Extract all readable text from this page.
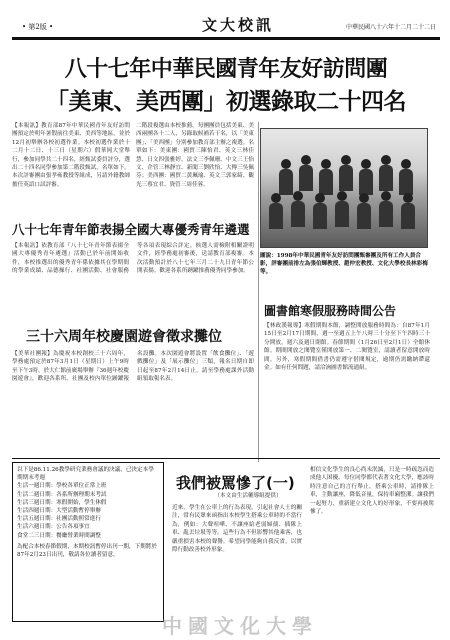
• 第2版 •	文大校訊	中華民國八十六年十二月二十二日
八十七年中華民國青年友好訪問團
「美東、美西團」初選錄取二十四名
【本報訊】教育部87年中華民國青年友好訪問團預定於明年暑假前往美東、美西等地區，並於12月初舉辦各校初選作業。本校初選作業於十二月十二日、十三日（星期六）假華岡大堂舉行，參加同學共二十四名，經甄試委員評分，選出二十四名同學參加第二階段甄試，名單如下。本次評審團由張孝雍教授等組成，另請外籍教師擔任英語口試評審。
二階段複選由本校推薦。每團團員包括美東、美西兩團各十二人，另錄取候補若干名，以「美東團」、「美西團」分別參加教育部主辦之複選。名單如下：美東團：國貿三陳怡君、英文三林佳慧、日文四張雅婷、法文三李佩珊、中文三王怡文、企管三林靜宜、新聞三劉欣怡、大傳三吳佩芬；美西團：國貿二黃珮瑜、英文三郭家綺、觀光三蔡宜君、資管三周佳蓉。
圖說：1998年中華民國青年友好訪問團甄審團及所有工作人員合影，評審團前排左為張伯輝教授、趙仲宏教授、文化大學校長林彩梅等。
八十七年青年節表揚全國大專優秀青年遴選
【本報訊】依教育部『八十七年青年節表揚全國大專優秀青年遴選』活動已於年前開始收件，本校推選出的優秀青年係依據其在學期間的學業成績、品德操行、社團活動、社會服務等各項表現綜合評定。候選人需檢附相關證明文件，經學務處初審後，送請教育部複審。本次活動預計於八十七年三月二十九日青年節公開表揚。歡迎各系所踴躍推薦優秀同學參加。
三十六周年校慶園遊會徵求攤位
【美華社團報】為慶祝本校創校三十六周年，學務處預定於87年3月1日（星期日）上午9時至下午3時，於大仁館前廣場舉辦『36週年校慶園遊會』，歡迎各系所、社團及校內單位踴躍報名設攤。本次園遊會將設置「飲食攤位」、「遊戲攤位」及「展示攤位」三類，報名日期自即日起至87年2月14日止，請至學務處課外活動組領取報名表。
圖書館寒假服務時間公告
【林政漢報導】寒假期間本館，調整開放服務時間為：自87年1月15日至2月17日期間，週一至週五上午八時三十分至下午四時三十分開放，週六及週日閉館。春節期間（1月26日至2月1日）全館休館。期間開放之閱覽室僅開放第一、二閱覽室，請讀者留意開放時間。另外，寒假期間借書仍需遵守借閱規定，逾期仍需繳納滯還金。如有任何問題，請洽詢圖書館流通組。
以下是86.11.26教學研究業務會議的決議，已決定本學期期末考週
生活一週日期：學校各單位正常上班
生活二週日期：各系所辦理期末考試
生活三週日期：寒假開始，學生休假
生活四週日期：大型活動暫停舉辦
生活五週日期：社團活動照常進行
生活六週日期：公告各項事宜
食堂二三日期：餐廳營業時間調整
為配合本校春節假期，本期校訊暫停出刊一期，下期將於87年2月23日出刊，敬請各位讀者留意。
我們被罵慘了(一)
（本文由生活輔導組提供）
近來，學生在公車上的行為表現，引起社會人士的關注，常有民眾來函指出本校學生搭乘公車時的不當行為，例如：大聲喧嘩、不讓座給老弱婦孺、插隊上車、亂丟垃圾等等。這些行為不但影響其他乘客，也嚴重損害本校的聲譽。希望同學能夠自我反省，以實際行動改善校外形象。
相信文化學生的良心尚未泯滅，只是一時疏忽而造成他人困擾。每位同學都代表著文化大學，應該時時注意自己的言行舉止。搭乘公車時，請排隊上車，主動讓座，降低音量，保持車廂整潔。讓我們一起努力，重新建立文化人的好形象，不要再被罵慘了。
中國文化大學
